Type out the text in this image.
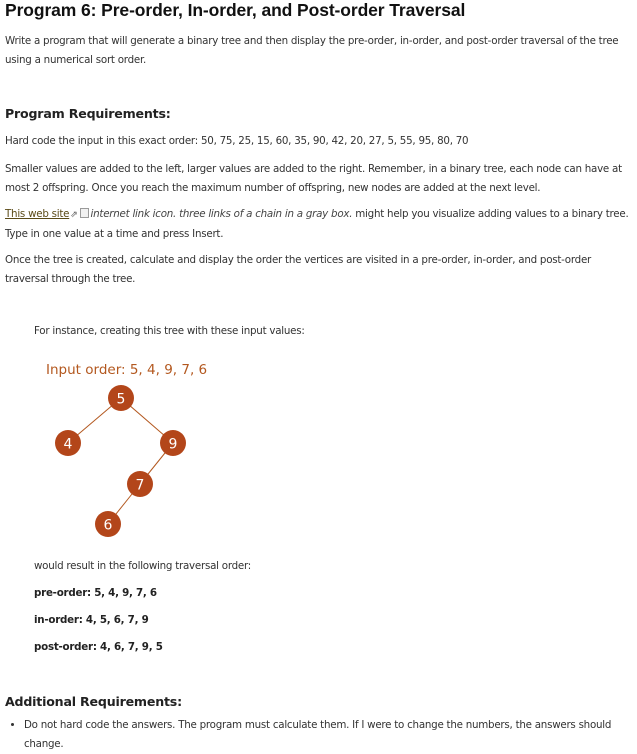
Program 6: Pre-order, In-order, and Post-order Traversal

Write a program that will generate a binary tree and then display the pre-order, in-order, and post-order traversal of the tree using a numerical sort order.

Program Requirements:

Hard code the input in this exact order: 50, 75, 25, 15, 60, 35, 90, 42, 20, 27, 5, 55, 95, 80, 70

Smaller values are added to the left, larger values are added to the right. Remember, in a binary tree, each node can have at most 2 offspring. Once you reach the maximum number of offspring, new nodes are added at the next level.

This web site⇗ internet link icon. three links of a chain in a gray box. might help you visualize adding values to a binary tree. Type in one value at a time and press Insert.

Once the tree is created, calculate and display the order the vertices are visited in a pre-order, in-order, and post-order traversal through the tree.

For instance, creating this tree with these input values:

Input order: 5, 4, 9, 7, 6
5
4	9
7
6

would result in the following traversal order:

pre-order: 5, 4, 9, 7, 6

in-order: 4, 5, 6, 7, 9

post-order: 4, 6, 7, 9, 5

Additional Requirements:
• Do not hard code the answers. The program must calculate them. If I were to change the numbers, the answers should change.
